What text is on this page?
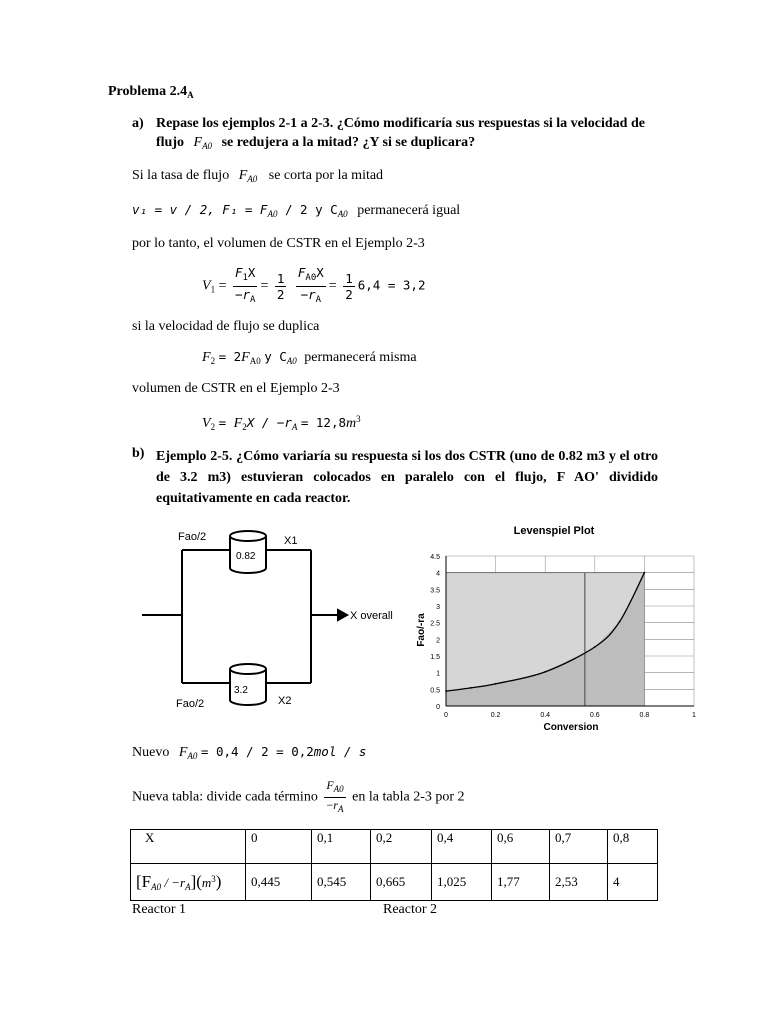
Problema $2.4_A$
a) Repase los ejemplos 2-1 a 2-3. ¿Cómo modificaría sus respuestas si la velocidad de
flujo $F_{A0}$ se redujera a la mitad? ¿Y si se duplicara?
Si la tasa de flujo $F_{A0}$ se corta por la mitad
v₁ = v / 2, $F_1 = F_{A0} / 2$ y $C_{A0}$ permanecerá igual
por lo tanto, el volumen de CSTR en el Ejemplo 2-3
$V_1 = \frac{F_1X}{-r_A} = \frac{1}{2}$
$\frac{F_{A0}X}{-r_A} = \frac{1}{2} 6,4 = 3,2$
si la velocidad de flujo se duplica
$F_2 = 2F_{A0}$ y $C_{A0}$ permanecerá misma
volumen de CSTR en el Ejemplo 2-3
$V_2 = F_2X / -r_A = 12,8m^3$
b) Ejemplo 2-5. ¿Cómo variaría su respuesta si los dos CSTR (uno de 0.82 m3 y el otro de 3.2 m3) estuvieran colocados en paralelo con el flujo, F AO' dividido equitativamente en cada reactor.
Fao/2
0.82
X1
X overall
3.2
Fao/2	X2
Levenspiel Plot
Conversion
Fao/-ra
0
0.5
1
1.5
2
2.5
3
3.5
4
4.5
0	0.2	0.4	0.6	0.8	1
Nuevo $F_{A0} = 0,4 / 2 = 0,2mol / s$
Nueva tabla: divide cada término $\frac{F_{A0}}{-r_A}$ en la tabla 2-3 por 2
X	0	0,1	0,2	0,4	0,6	0,7	0,8
$[F_{A0} / -r_A](m^3)$	0,445	0,545	0,665	1,025	1,77	2,53	4
Reactor 1	Reactor 2
